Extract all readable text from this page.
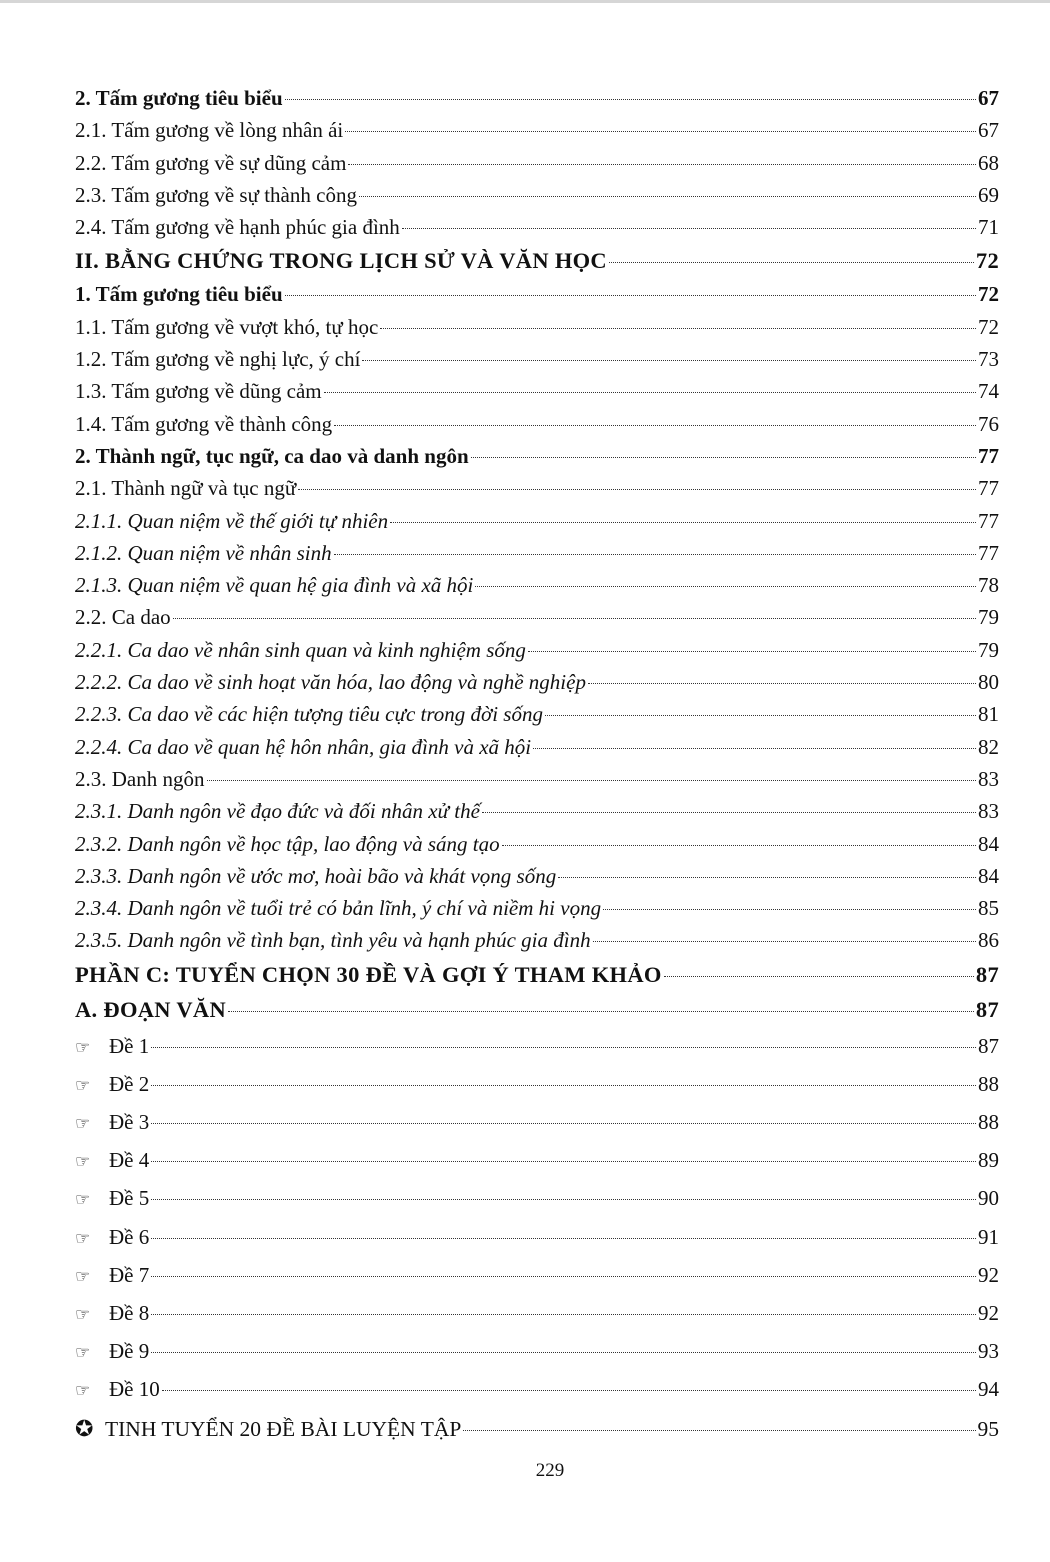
2. Tấm gương tiêu biểu	67
2.1. Tấm gương về lòng nhân ái	67
2.2. Tấm gương về sự dũng cảm	68
2.3. Tấm gương về sự thành công	69
2.4. Tấm gương về hạnh phúc gia đình	71
II. BẰNG CHỨNG TRONG LỊCH SỬ VÀ VĂN HỌC	72
1. Tấm gương tiêu biểu	72
1.1. Tấm gương về vượt khó, tự học	72
1.2. Tấm gương về nghị lực, ý chí	73
1.3. Tấm gương về dũng cảm	74
1.4. Tấm gương về thành công	76
2. Thành ngữ, tục ngữ, ca dao và danh ngôn	77
2.1. Thành ngữ và tục ngữ	77
2.1.1. Quan niệm về thế giới tự nhiên	77
2.1.2. Quan niệm về nhân sinh	77
2.1.3. Quan niệm về quan hệ gia đình và xã hội	78
2.2. Ca dao	79
2.2.1. Ca dao về nhân sinh quan và kinh nghiệm sống	79
2.2.2. Ca dao về sinh hoạt văn hóa, lao động và nghề nghiệp	80
2.2.3. Ca dao về các hiện tượng tiêu cực trong đời sống	81
2.2.4. Ca dao về quan hệ hôn nhân, gia đình và xã hội	82
2.3. Danh ngôn	83
2.3.1. Danh ngôn về đạo đức và đối nhân xử thế	83
2.3.2. Danh ngôn về học tập, lao động và sáng tạo	84
2.3.3. Danh ngôn về ước mơ, hoài bão và khát vọng sống	84
2.3.4. Danh ngôn về tuổi trẻ có bản lĩnh, ý chí và niềm hi vọng	85
2.3.5. Danh ngôn về tình bạn, tình yêu và hạnh phúc gia đình	86
PHẦN C: TUYỂN CHỌN 30 ĐỀ VÀ GỢI Ý THAM KHẢO	87
A. ĐOẠN VĂN	87
☞ Đề 1	87
☞ Đề 2	88
☞ Đề 3	88
☞ Đề 4	89
☞ Đề 5	90
☞ Đề 6	91
☞ Đề 7	92
☞ Đề 8	92
☞ Đề 9	93
☞ Đề 10	94
✪ TINH TUYỂN 20 ĐỀ BÀI LUYỆN TẬP	95
229
